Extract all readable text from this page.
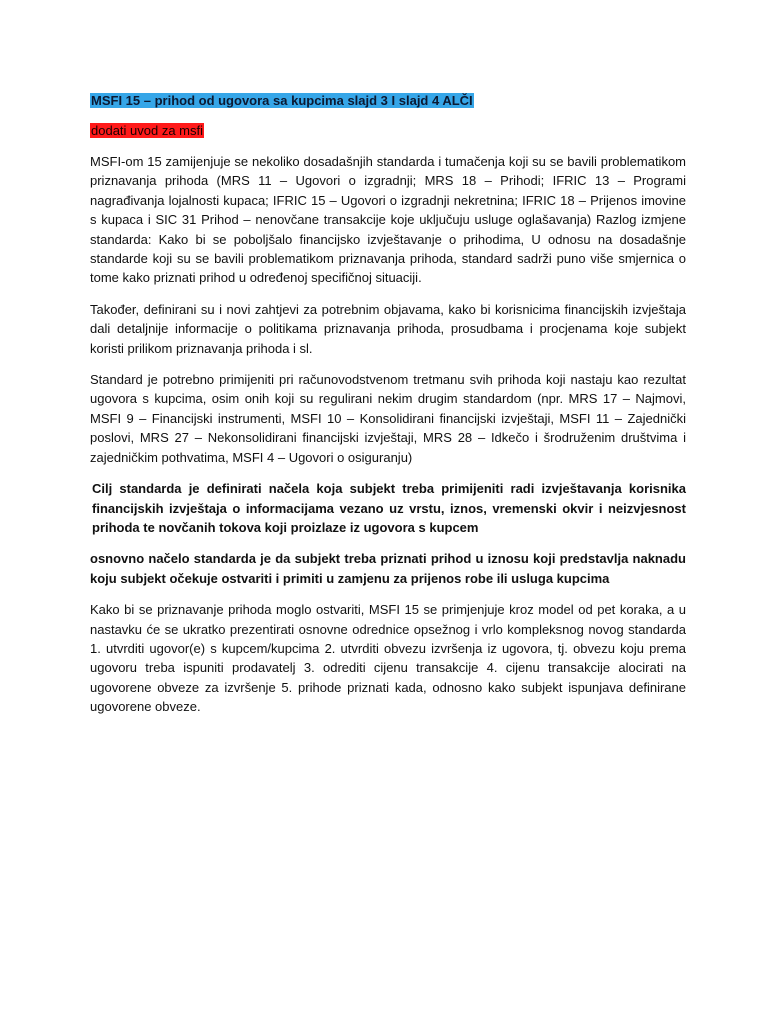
MSFI 15 – prihod od ugovora sa kupcima slajd 3 I slajd 4 ALČI
dodati uvod za msfi

MSFI-om 15 zamijenjuje se nekoliko dosadašnjih standarda i tumačenja koji su se bavili problematikom priznavanja prihoda (MRS 11 – Ugovori o izgradnji; MRS 18 – Prihodi; IFRIC 13 – Programi nagrađivanja lojalnosti kupaca; IFRIC 15 – Ugovori o izgradnji nekretnina; IFRIC 18 – Prijenos imovine s kupaca i SIC 31 Prihod – nenovčane transakcije koje uključuju usluge oglašavanja) Razlog izmjene standarda: Kako bi se poboljšalo financijsko izvještavanje o prihodima, U odnosu na dosadašnje standarde koji su se bavili problematikom priznavanja prihoda, standard sadrži puno više smjernica o tome kako priznati prihod u određenoj specifičnoj situaciji.

Također, definirani su i novi zahtjevi za potrebnim objavama, kako bi korisnicima financijskih izvještaja dali detaljnije informacije o politikama priznavanja prihoda, prosudbama i procjenama koje subjekt koristi prilikom priznavanja prihoda i sl.

Standard je potrebno primijeniti pri računovodstvenom tretmanu svih prihoda koji nastaju kao rezultat ugovora s kupcima, osim onih koji su regulirani nekim drugim standardom (npr. MRS 17 – Najmovi, MSFI 9 – Financijski instrumenti, MSFI 10 – Konsolidirani financijski izvještaji, MSFI 11 – Zajednički poslovi, MRS 27 – Nekonsolidirani financijski izvještaji, MRS 28 – Idkečo i šrodruženim društvima i zajedničkim pothvatima, MSFI 4 – Ugovori o osiguranju)

Cilj standarda je definirati načela koja subjekt treba primijeniti radi izvještavanja korisnika financijskih izvještaja o informacijama vezano uz vrstu, iznos, vremenski okvir i neizvjesnost prihoda te novčanih tokova koji proizlaze iz ugovora s kupcem

osnovno načelo standarda je da subjekt treba priznati prihod u iznosu koji predstavlja naknadu koju subjekt očekuje ostvariti i primiti u zamjenu za prijenos robe ili usluga kupcima

Kako bi se priznavanje prihoda moglo ostvariti, MSFI 15 se primjenjuje kroz model od pet koraka, a u nastavku će se ukratko prezentirati osnovne odrednice opsežnog i vrlo kompleksnog novog standarda 1. utvrditi ugovor(e) s kupcem/kupcima 2. utvrditi obvezu izvršenja iz ugovora, tj. obvezu koju prema ugovoru treba ispuniti prodavatelj 3. odrediti cijenu transakcije 4. cijenu transakcije alocirati na ugovorene obveze za izvršenje 5. prihode priznati kada, odnosno kako subjekt ispunjava definirane ugovorene obveze.
